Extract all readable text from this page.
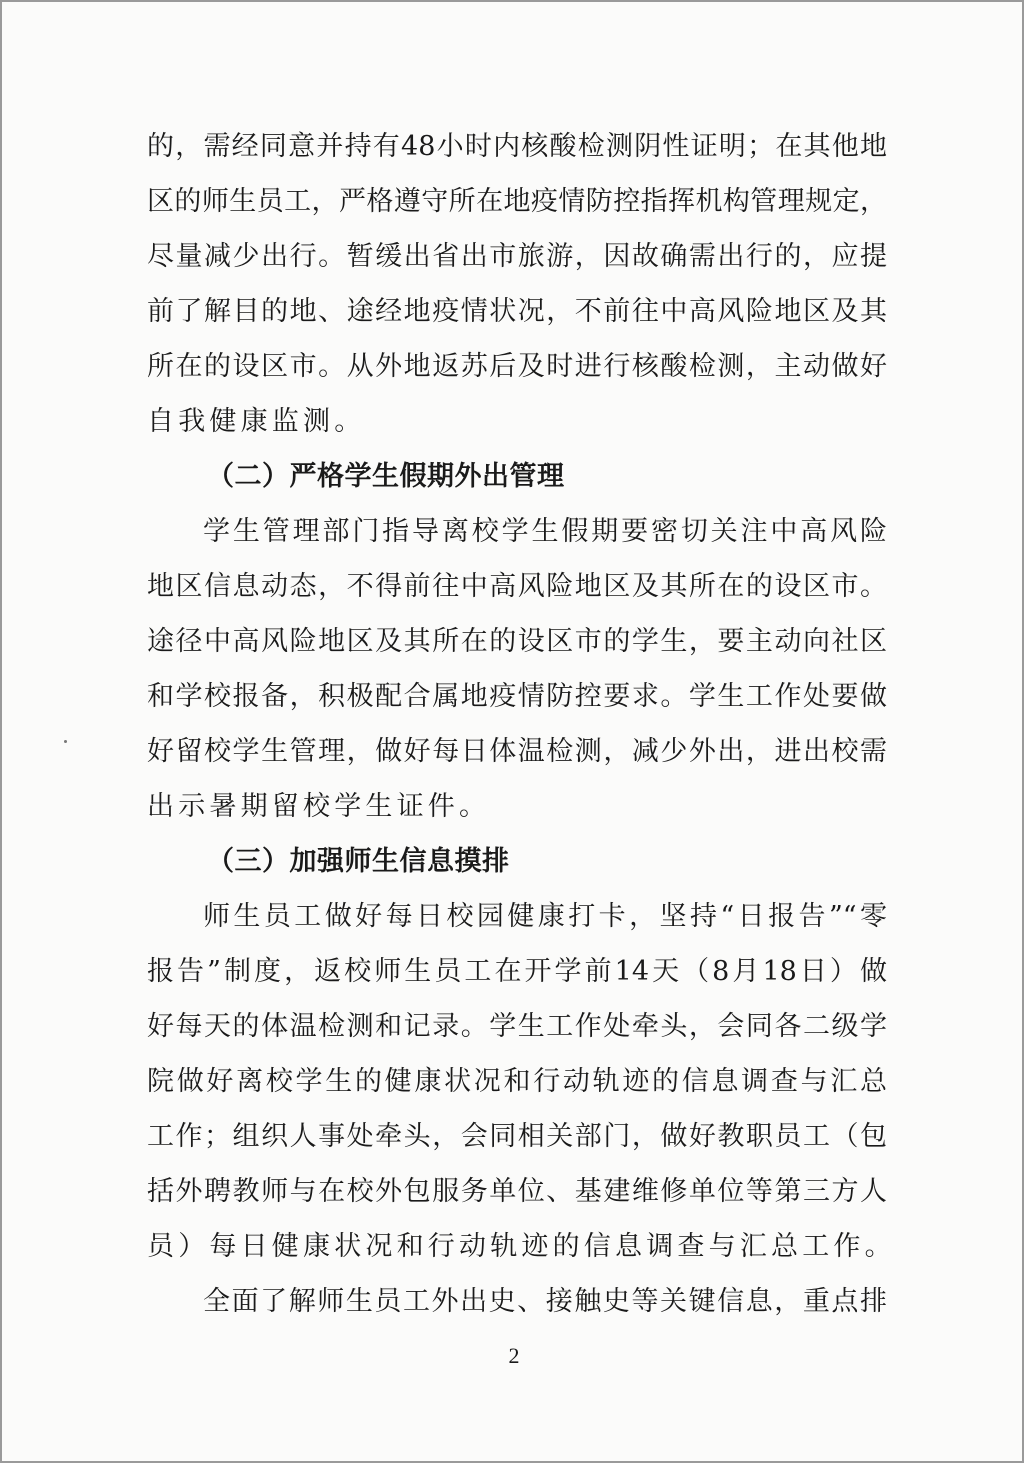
的，需经同意并持有48小时内核酸检测阴性证明；在其他地
区的师生员工，严格遵守所在地疫情防控指挥机构管理规定，
尽量减少出行。暂缓出省出市旅游，因故确需出行的，应提
前了解目的地、途经地疫情状况，不前往中高风险地区及其
所在的设区市。从外地返苏后及时进行核酸检测，主动做好
自我健康监测。
（二）严格学生假期外出管理
学生管理部门指导离校学生假期要密切关注中高风险
地区信息动态，不得前往中高风险地区及其所在的设区市。
途径中高风险地区及其所在的设区市的学生，要主动向社区
和学校报备，积极配合属地疫情防控要求。学生工作处要做
好留校学生管理，做好每日体温检测，减少外出，进出校需
出示暑期留校学生证件。
（三）加强师生信息摸排
师生员工做好每日校园健康打卡，坚持“日报告”“零
报告”制度，返校师生员工在开学前14天（8月18日）做
好每天的体温检测和记录。学生工作处牵头，会同各二级学
院做好离校学生的健康状况和行动轨迹的信息调查与汇总
工作；组织人事处牵头，会同相关部门，做好教职员工（包
括外聘教师与在校外包服务单位、基建维修单位等第三方人
员）每日健康状况和行动轨迹的信息调查与汇总工作。
全面了解师生员工外出史、接触史等关键信息，重点排
2
